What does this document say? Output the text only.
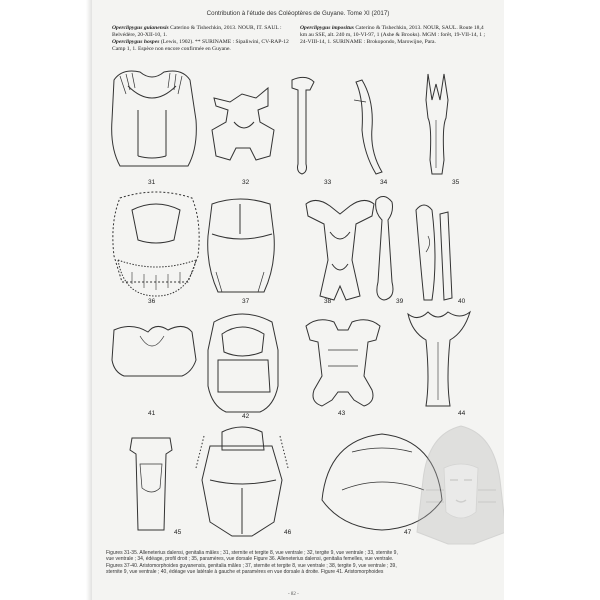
Contribution à l'étude des Coléoptères de Guyane. Tome XI (2017)
Operclipygus guianensis Caterino & Tishechkin, 2013. NOUR, IT. SAUL : Belvédère, 20-XII-10, 1.
Operclipygus hospes (Lewis, 1902). ** SURINAME : Sipaliwini, CV-RAP-12 Camp 1, 1. Espèce non encore confirmée en Guyane.
Operclipygus impositus Caterino & Tishechkin, 2013. NOUR, SAUL. Route 18,4 km au SSE, alt. 240 m, 10-VI-97, 1 (Ashe & Brooks). MGM : forêt, 19-VII-14, 1 ; 24-VIII-14, 1. SURINAME : Brokopondo, Marowijne, Para.
31	32	33	34	35
36	37	38	39	40
41	42	43	44
45	46	47
Figures 31-35. Alleneterius dalensi, genitalia mâles ; 31, sternite et tergite 8, vue ventrale ; 32, tergite 9, vue ventrale ; 33, sternite 9,
vue ventrale ; 34, édéage, profil droit ; 35, paramères, vue dorsale Figure 36. Alleneterius dalensi, genitalia femelles, vue ventrale.
Figures 37-40. Aristomorphoides guyanensis, genitalia mâles ; 37, sternite et tergite 8, vue ventrale ; 38, tergite 9, vue ventrale ; 39,
sternite 9, vue ventrale ; 40, édéage vue latérale à gauche et paramères en vue dorsale à droite. Figure 41. Aristomorphoides
- 82 -
